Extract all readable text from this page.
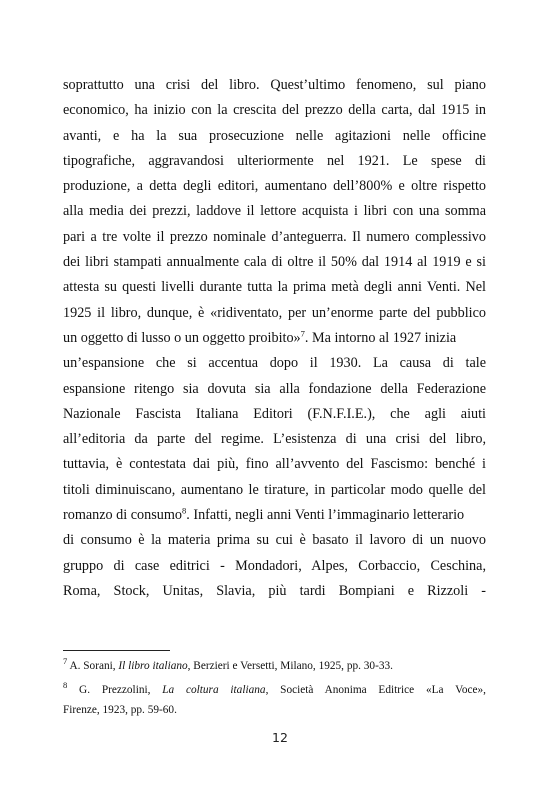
soprattutto una crisi del libro. Quest’ultimo fenomeno, sul piano
economico, ha inizio con la crescita del prezzo della carta, dal 1915 in
avanti, e ha la sua prosecuzione nelle agitazioni nelle officine
tipografiche, aggravandosi ulteriormente nel 1921. Le spese di
produzione, a detta degli editori, aumentano dell’800% e oltre rispetto
alla media dei prezzi, laddove il lettore acquista i libri con una somma
pari a tre volte il prezzo nominale d’anteguerra. Il numero complessivo
dei libri stampati annualmente cala di oltre il 50% dal 1914 al 1919 e si
attesta su questi livelli durante tutta la prima metà degli anni Venti. Nel
1925 il libro, dunque, è «ridiventato, per un’enorme parte del pubblico
un oggetto di lusso o un oggetto proibito»$^7$. Ma intorno al 1927 inizia
un’espansione che si accentua dopo il 1930. La causa di tale
espansione ritengo sia dovuta sia alla fondazione della Federazione
Nazionale Fascista Italiana Editori (F.N.F.I.E.), che agli aiuti
all’editoria da parte del regime. L’esistenza di una crisi del libro,
tuttavia, è contestata dai più, fino all’avvento del Fascismo: benché i
titoli diminuiscano, aumentano le tirature, in particolar modo quelle del
romanzo di consumo$^8$. Infatti, negli anni Venti l’immaginario letterario
di consumo è la materia prima su cui è basato il lavoro di un nuovo
gruppo di case editrici - Mondadori, Alpes, Corbaccio, Ceschina,
Roma, Stock, Unitas, Slavia, più tardi Bompiani e Rizzoli -
$^7$ A. Sorani, Il libro italiano, Berzieri e Versetti, Milano, 1925, pp. 30-33.
$^8$ G. Prezzolini, La coltura italiana, Società Anonima Editrice «La Voce»,
Firenze, 1923, pp. 59-60.
12
